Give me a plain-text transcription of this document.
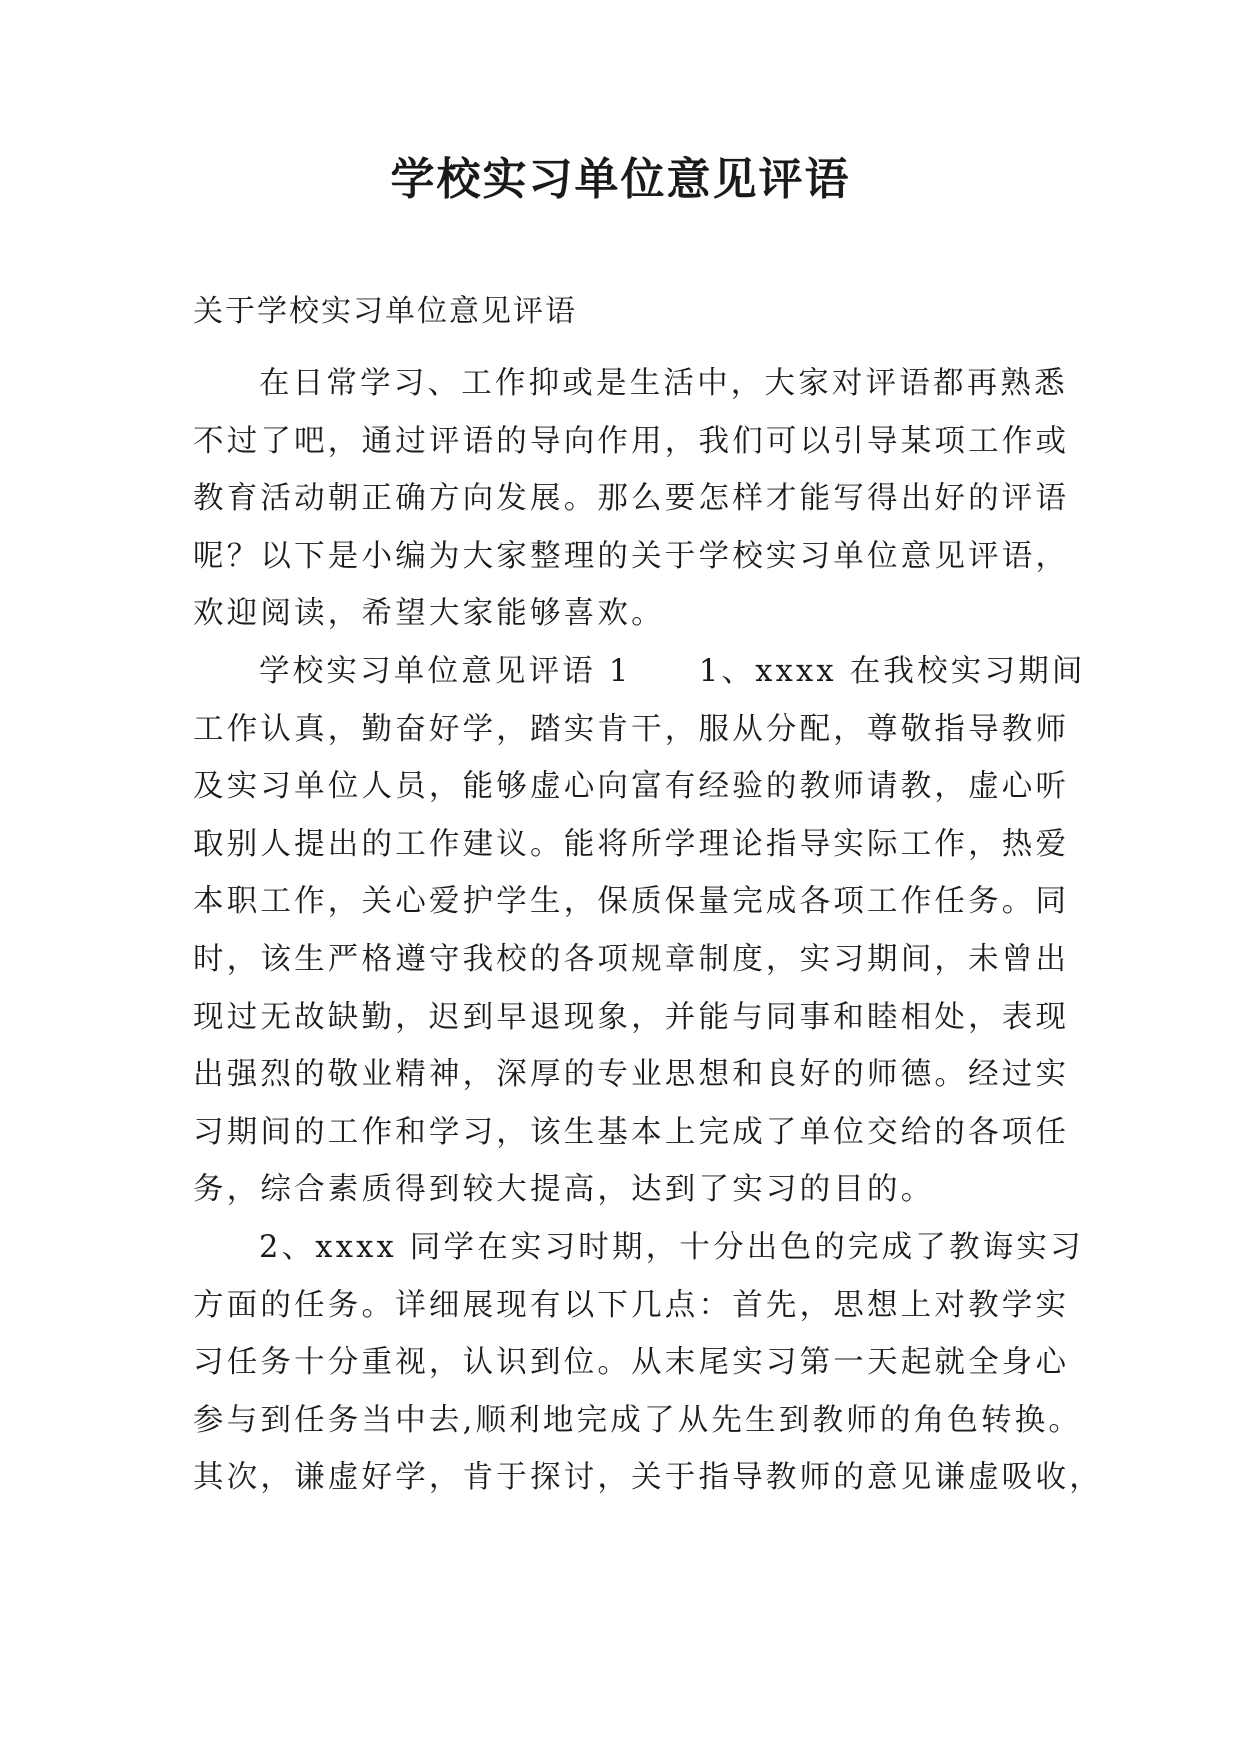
学校实习单位意见评语
关于学校实习单位意见评语
在日常学习、工作抑或是生活中，大家对评语都再熟悉
不过了吧，通过评语的导向作用，我们可以引导某项工作或
教育活动朝正确方向发展。那么要怎样才能写得出好的评语
呢？以下是小编为大家整理的关于学校实习单位意见评语，
欢迎阅读，希望大家能够喜欢。
学校实习单位意见评语 1　　1、xxxx 在我校实习期间
工作认真，勤奋好学，踏实肯干，服从分配，尊敬指导教师
及实习单位人员，能够虚心向富有经验的教师请教，虚心听
取别人提出的工作建议。能将所学理论指导实际工作，热爱
本职工作，关心爱护学生，保质保量完成各项工作任务。同
时，该生严格遵守我校的各项规章制度，实习期间，未曾出
现过无故缺勤，迟到早退现象，并能与同事和睦相处，表现
出强烈的敬业精神，深厚的专业思想和良好的师德。经过实
习期间的工作和学习，该生基本上完成了单位交给的各项任
务，综合素质得到较大提高，达到了实习的目的。
2、xxxx 同学在实习时期，十分出色的完成了教诲实习
方面的任务。详细展现有以下几点：首先，思想上对教学实
习任务十分重视，认识到位。从末尾实习第一天起就全身心
参与到任务当中去,顺利地完成了从先生到教师的角色转换。
其次，谦虚好学，肯于探讨，关于指导教师的意见谦虚吸收，
